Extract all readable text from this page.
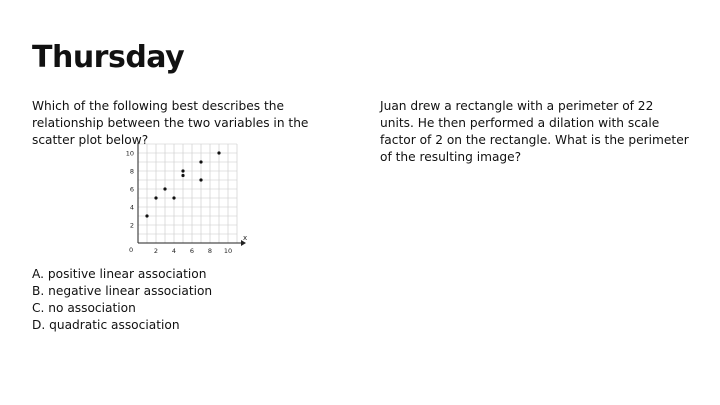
Thursday

Which of the following best describes the relationship between the two variables in the scatter plot below?

x
0	2 4 6 8 10
2
4
6
8
10

A. positive linear association

B. negative linear association

C. no association

D. quadratic association

Juan drew a rectangle with a perimeter of 22 units. He then performed a dilation with scale factor of 2 on the rectangle. What is the perimeter of the resulting image?
